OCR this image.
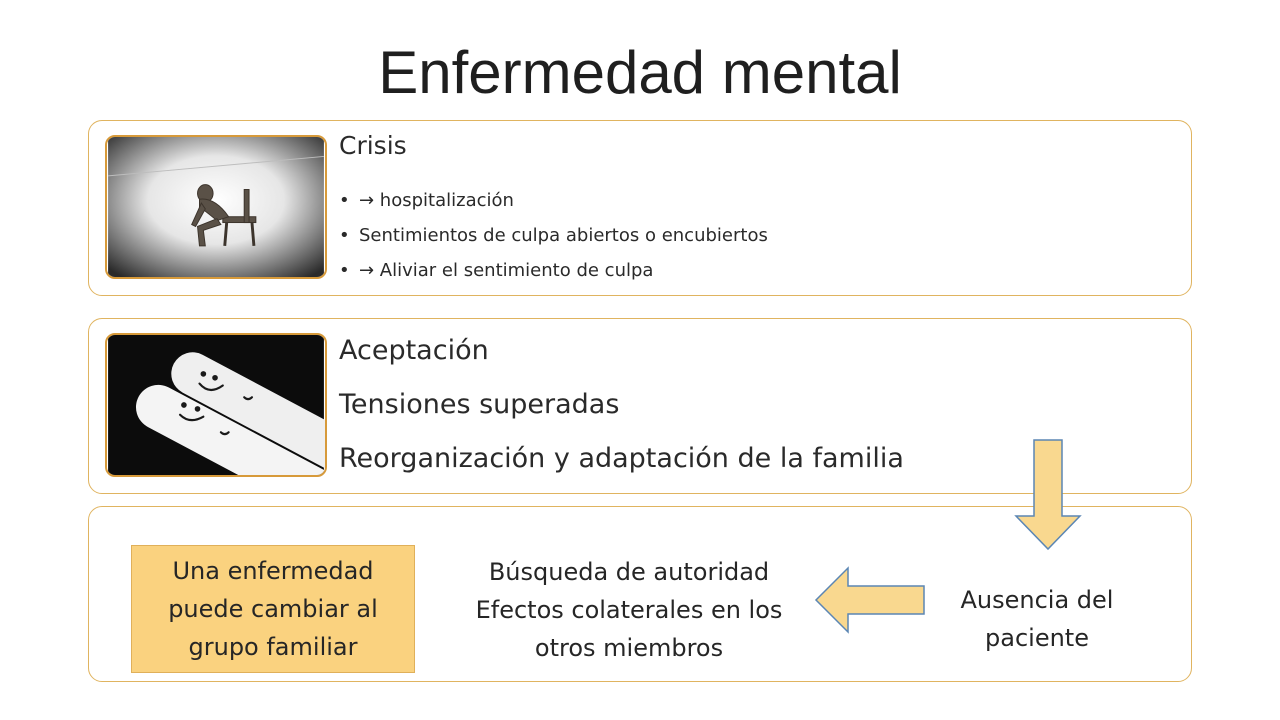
Enfermedad mental
Crisis
• → hospitalización
• Sentimientos de culpa abiertos o encubiertos
• → Aliviar el sentimiento de culpa
Aceptación
Tensiones superadas
Reorganización y adaptación de la familia
Una enfermedad puede cambiar al grupo familiar
Búsqueda de autoridad
Efectos colaterales en los
otros miembros
Ausencia del
paciente
